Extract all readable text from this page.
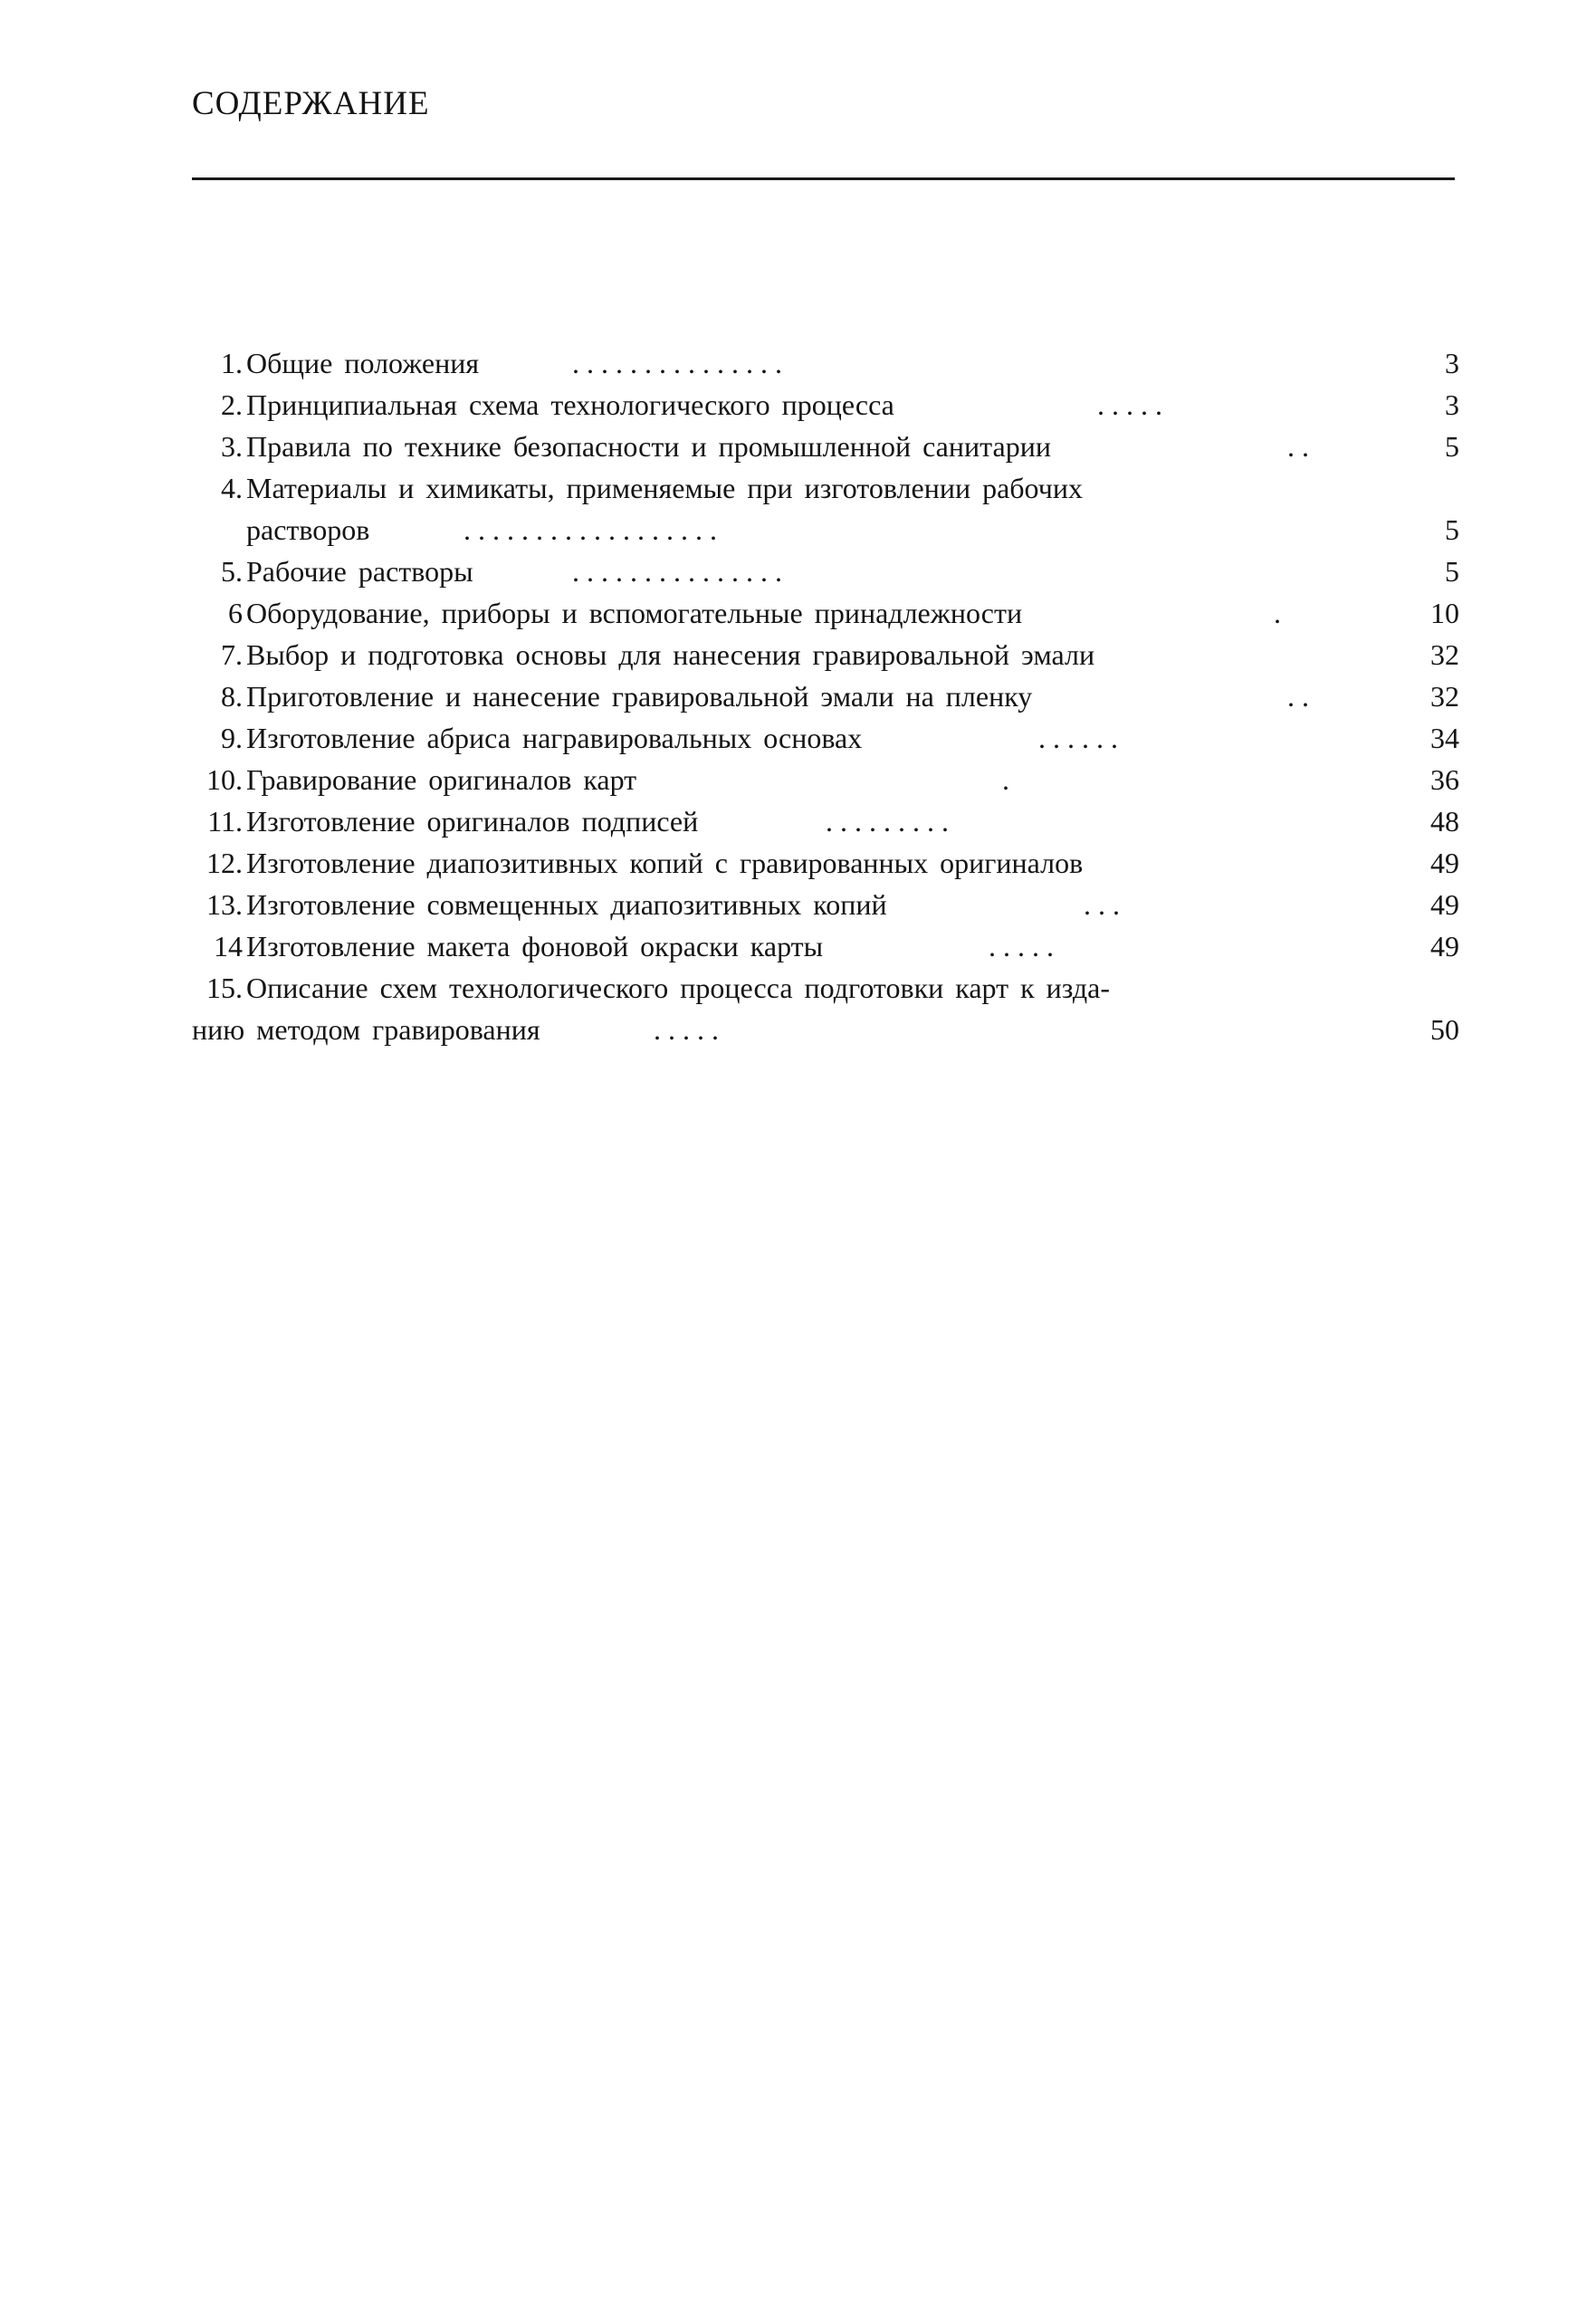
СОДЕРЖАНИЕ
1. Общие положения	. . . . . . . . . . . . . . .	3
2. Принципиальная схема технологического процесса	. . . . .	3
3. Правила по технике безопасности и промышленной санитарии	. .	5
4. Материалы и химикаты, применяемые при изготовлении рабочих
растворов	. . . . . . . . . . . . . . . . . .	5
5. Рабочие растворы	. . . . . . . . . . . . . . .	5
6 Оборудование, приборы и вспомогательные принадлежности	.	10
7. Выбор и подготовка основы для нанесения гравировальной эмали	32
8. Приготовление и нанесение гравировальной эмали на пленку	. .	32
9. Изготовление абриса награвировальных основах	. . . . . .	34
10. Гравирование оригиналов карт	.	36
11. Изготовление оригиналов подписей	. . . . . . . . .	48
12. Изготовление диапозитивных копий с гравированных оригиналов	49
13. Изготовление совмещенных диапозитивных копий	. . .	49
14 Изготовление макета фоновой окраски карты	. . . . .	49
15. Описание схем технологического процесса подготовки карт к изда-
нию методом гравирования	. . . . .	50
